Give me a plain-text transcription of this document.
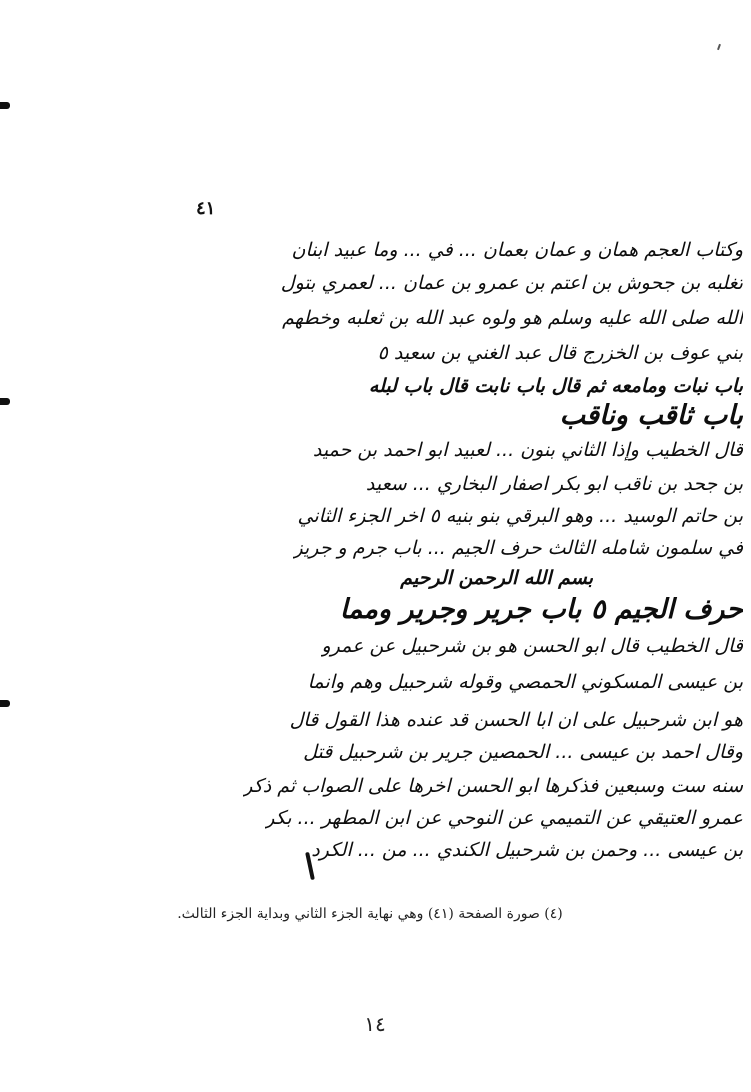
٤١
وكتاب العجم همان و عمان بعمان ... في ... وما عبيد ابنان
تغلبه بن جحوش بن اعتم بن عمرو بن عمان ... لعمري بتول
الله صلى الله عليه وسلم هو ولوه عبد الله بن ثعلبه وخطهم
بني عوف بن الخزرج قال عبد الغني بن سعيد ٥
باب نبات ومامعه ثم قال باب نابت قال باب لبله
باب ثاقب وناقب
قال الخطيب وإذا الثاني بنون ... لعبيد ابو احمد بن حميد
بن جحد بن ناقب ابو بكر اصفار البخاري ... سعيد
بن حاتم الوسيد ... وهو البرقي بنو بنيه ٥ اخر الجزء الثاني
في سلمون شامله الثالث حرف الجيم ... باب جرم و جريز
بسم الله الرحمن الرحيم
حرف الجيم ٥ باب جرير وجرير ومما
قال الخطيب قال ابو الحسن هو بن شرحبيل عن عمرو
بن عيسى المسكوني الحمصي وقوله شرحبيل وهم وانما
هو ابن شرحبيل على ان ابا الحسن قد عنده هذا القول قال
وقال احمد بن عيسى ... الحمصين جرير بن شرحبيل قتل
سنه ست وسبعين فذكرها ابو الحسن اخرها على الصواب ثم ذكر
عمرو العتيقي عن التميمي عن النوحي عن ابن المطهر ... بكر
بن عيسى ... وحمن بن شرحبيل الكندي ... من ... الكرد
(٤) صورة الصفحة (٤١) وهي نهاية الجزء الثاني وبداية الجزء الثالث.
١٤
